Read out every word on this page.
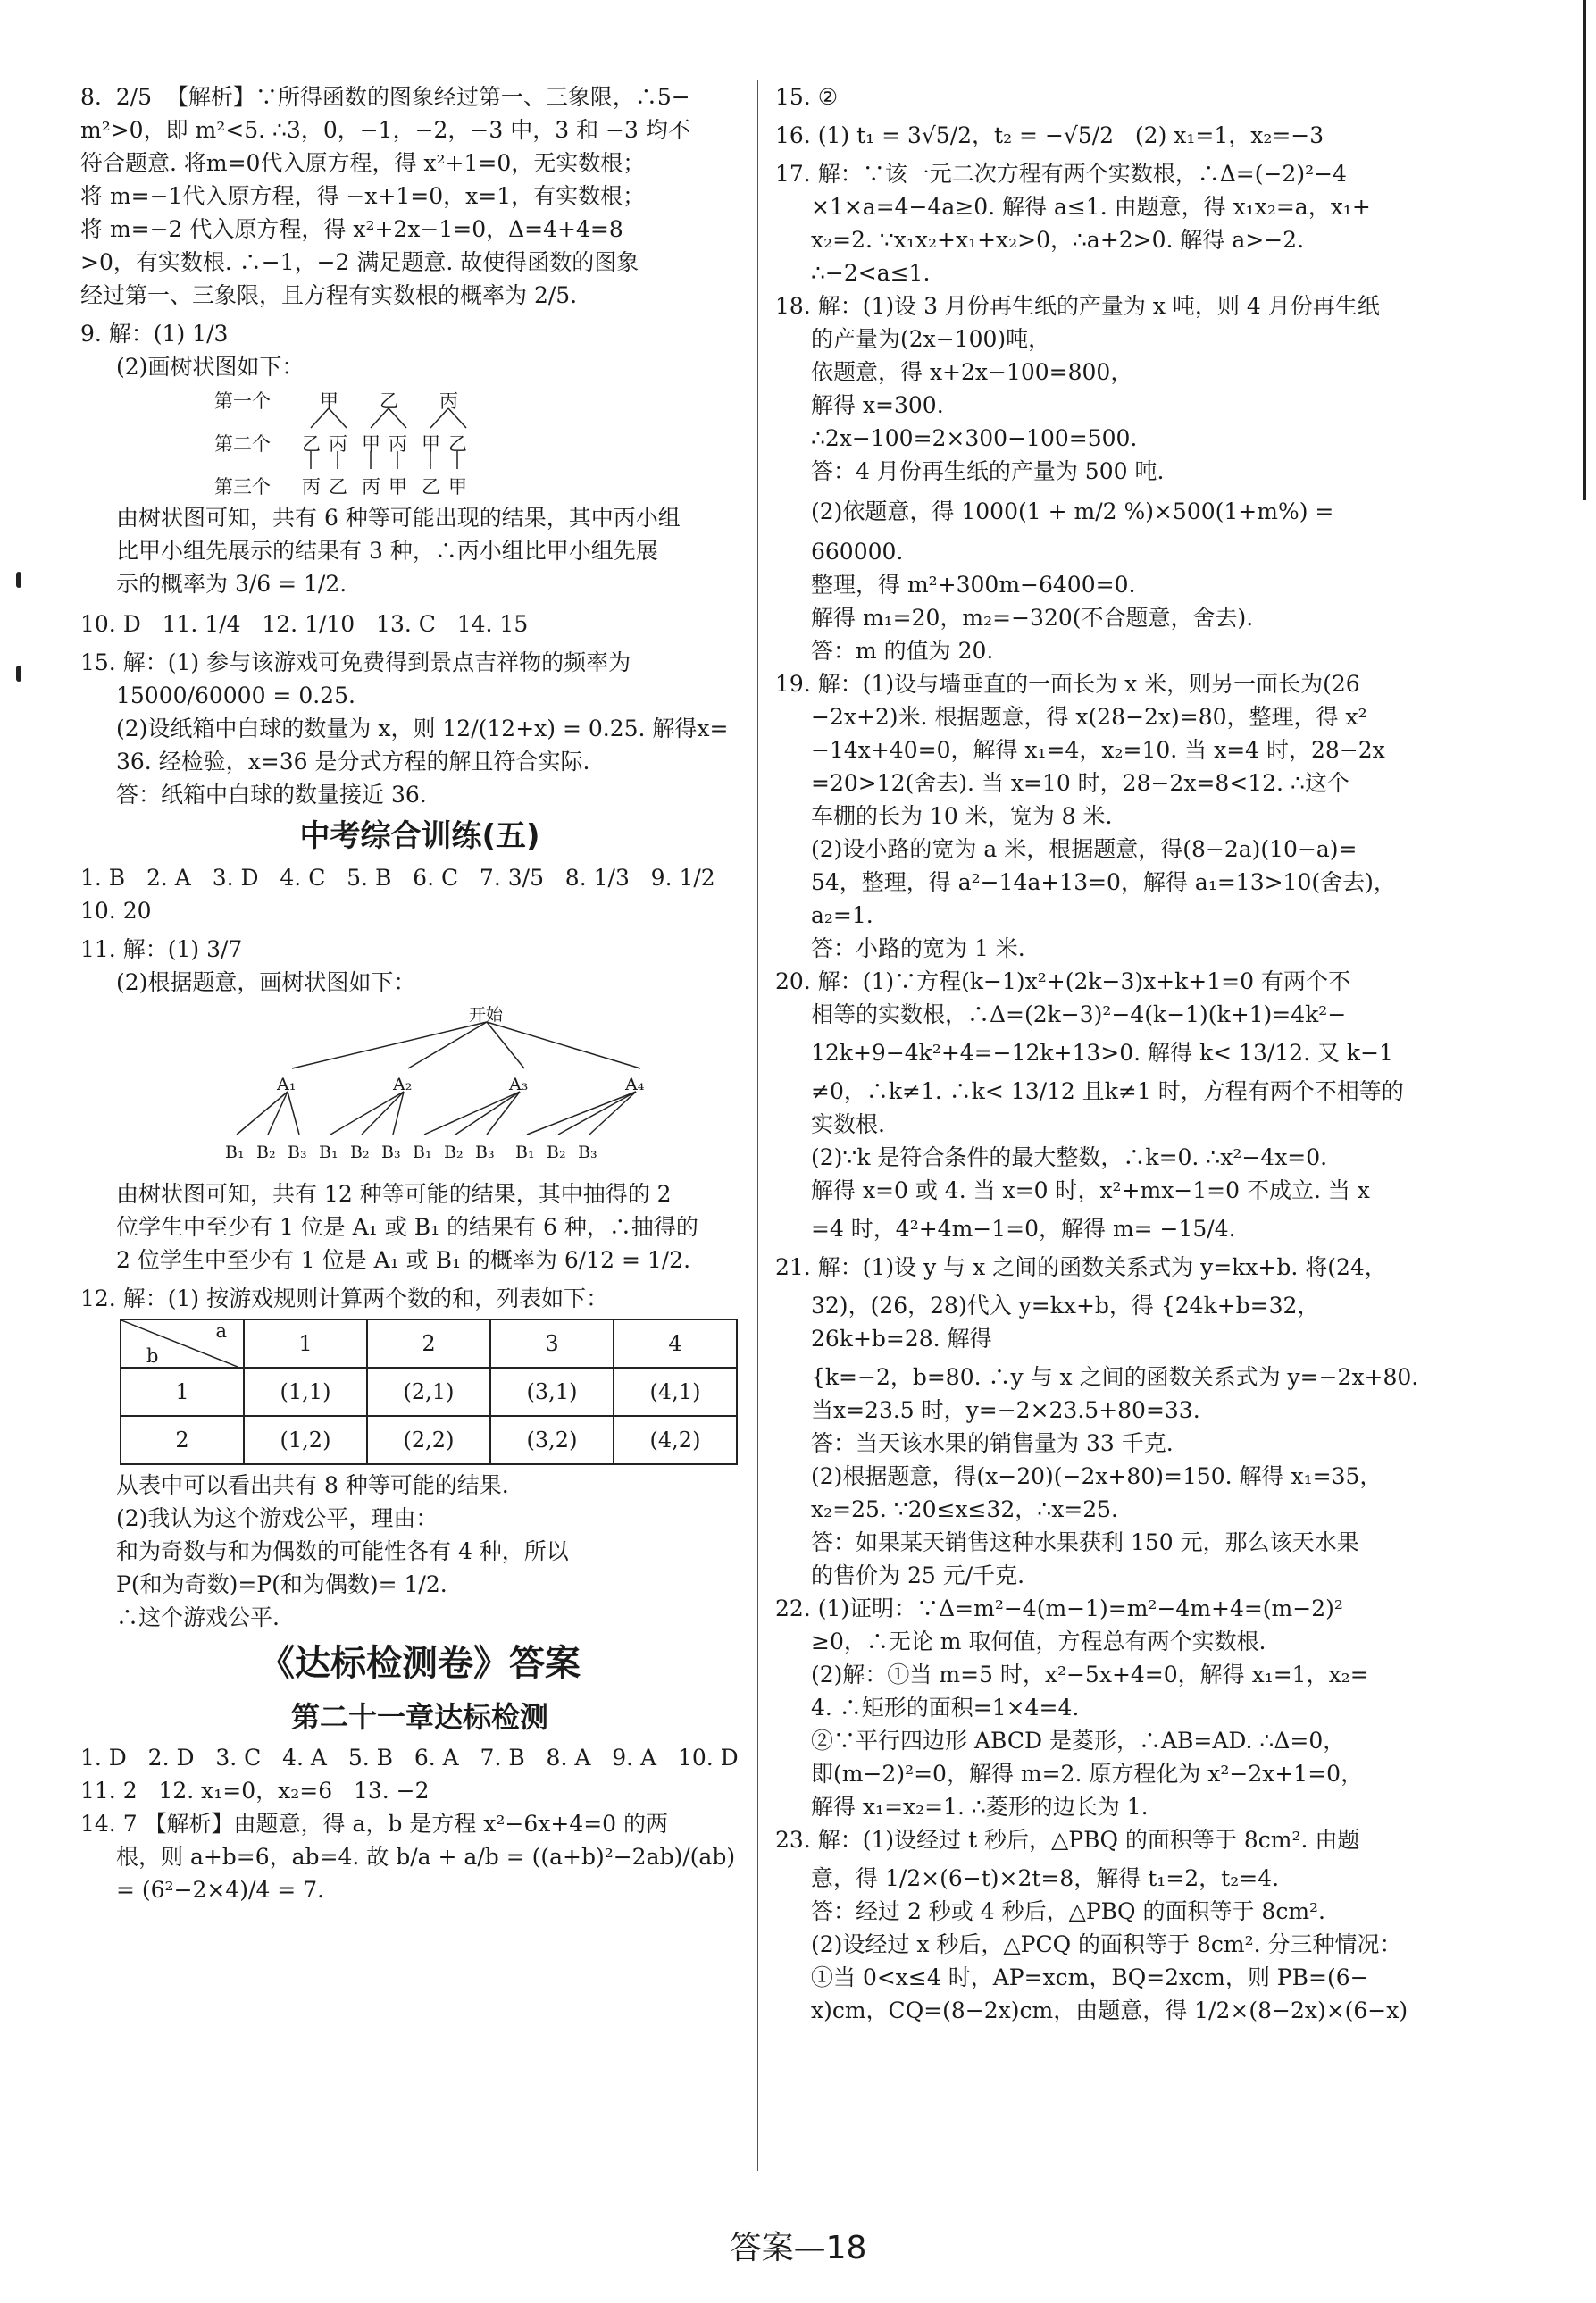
8.  2/5  【解析】∵所得函数的图象经过第一、三象限，∴5−

m²>0，即 m²<5. ∴3，0，−1，−2，−3 中，3 和 −3 均不

符合题意. 将m=0代入原方程，得 x²+1=0，无实数根；

将 m=−1代入原方程，得 −x+1=0，x=1，有实数根；

将 m=−2 代入原方程，得 x²+2x−1=0，Δ=4+4=8

>0，有实数根. ∴−1，−2 满足题意. 故使得函数的图象

经过第一、三象限，且方程有实数根的概率为 2/5.

9. 解：(1) 1/3

(2)画树状图如下：

第一个
第二个
第三个
甲 乙 丙
乙 丙 甲 丙 甲 乙
丙 乙 丙 甲 乙 甲

由树状图可知，共有 6 种等可能出现的结果，其中丙小组

比甲小组先展示的结果有 3 种，∴丙小组比甲小组先展

示的概率为 3/6 = 1/2.

10. D   11. 1/4   12. 1/10   13. C   14. 15

15. 解：(1) 参与该游戏可免费得到景点吉祥物的频率为

15000/60000 = 0.25.

(2)设纸箱中白球的数量为 x，则 12/(12+x) = 0.25. 解得x=

36. 经检验，x=36 是分式方程的解且符合实际.

答：纸箱中白球的数量接近 36.

中考综合训练(五)

1. B   2. A   3. D   4. C   5. B   6. C   7. 3/5   8. 1/3   9. 1/2

10. 20

11. 解：(1) 3/7

(2)根据题意，画树状图如下：

开始
A₁	A₂	A₃	A₄
B₁ B₂ B₃ B₁ B₂ B₃ B₁ B₂ B₃ B₁ B₂ B₃

由树状图可知，共有 12 种等可能的结果，其中抽得的 2

位学生中至少有 1 位是 A₁ 或 B₁ 的结果有 6 种，∴抽得的

2 位学生中至少有 1 位是 A₁ 或 B₁ 的概率为 6/12 = 1/2.

12. 解：(1) 按游戏规则计算两个数的和，列表如下：

a
b	1	2	3	4
1	(1,1)	(2,1)	(3,1)	(4,1)
2	(1,2)	(2,2)	(3,2)	(4,2)

从表中可以看出共有 8 种等可能的结果.

(2)我认为这个游戏公平，理由：

和为奇数与和为偶数的可能性各有 4 种，所以

P(和为奇数)=P(和为偶数)= 1/2.

∴这个游戏公平.

《达标检测卷》答案
第二十一章达标检测

1. D   2. D   3. C   4. A   5. B   6. A   7. B   8. A   9. A   10. D

11. 2   12. x₁=0，x₂=6   13. −2

14. 7 【解析】由题意，得 a，b 是方程 x²−6x+4=0 的两

根，则 a+b=6，ab=4. 故 b/a + a/b = ((a+b)²−2ab)/(ab)

= (6²−2×4)/4 = 7.

15. ②

16. (1) t₁ = 3√5/2，t₂ = −√5/2   (2) x₁=1，x₂=−3

17. 解：∵该一元二次方程有两个实数根，∴Δ=(−2)²−4

×1×a=4−4a≥0. 解得 a≤1. 由题意，得 x₁x₂=a，x₁+

x₂=2. ∵x₁x₂+x₁+x₂>0，∴a+2>0. 解得 a>−2.

∴−2<a≤1.

18. 解：(1)设 3 月份再生纸的产量为 x 吨，则 4 月份再生纸

的产量为(2x−100)吨，

依题意，得 x+2x−100=800，

解得 x=300.

∴2x−100=2×300−100=500.

答：4 月份再生纸的产量为 500 吨.

(2)依题意，得 1000(1 + m/2 %)×500(1+m%) =

660000.

整理，得 m²+300m−6400=0.

解得 m₁=20，m₂=−320(不合题意，舍去).

答：m 的值为 20.

19. 解：(1)设与墙垂直的一面长为 x 米，则另一面长为(26

−2x+2)米. 根据题意，得 x(28−2x)=80，整理，得 x²

−14x+40=0，解得 x₁=4，x₂=10. 当 x=4 时，28−2x

=20>12(舍去). 当 x=10 时，28−2x=8<12. ∴这个

车棚的长为 10 米，宽为 8 米.

(2)设小路的宽为 a 米，根据题意，得(8−2a)(10−a)=

54，整理，得 a²−14a+13=0，解得 a₁=13>10(舍去)，

a₂=1.

答：小路的宽为 1 米.

20. 解：(1)∵方程(k−1)x²+(2k−3)x+k+1=0 有两个不

相等的实数根，∴Δ=(2k−3)²−4(k−1)(k+1)=4k²−

12k+9−4k²+4=−12k+13>0. 解得 k< 13/12. 又 k−1

≠0，∴k≠1. ∴k< 13/12 且k≠1 时，方程有两个不相等的

实数根.

(2)∵k 是符合条件的最大整数，∴k=0. ∴x²−4x=0.

解得 x=0 或 4. 当 x=0 时，x²+mx−1=0 不成立. 当 x

=4 时，4²+4m−1=0，解得 m= −15/4.

21. 解：(1)设 y 与 x 之间的函数关系式为 y=kx+b. 将(24，

32)，(26，28)代入 y=kx+b，得 {24k+b=32，26k+b=28. 解得

{k=−2，b=80. ∴y 与 x 之间的函数关系式为 y=−2x+80.

当x=23.5 时，y=−2×23.5+80=33.

答：当天该水果的销售量为 33 千克.

(2)根据题意，得(x−20)(−2x+80)=150. 解得 x₁=35，

x₂=25. ∵20≤x≤32，∴x=25.

答：如果某天销售这种水果获利 150 元，那么该天水果

的售价为 25 元/千克.

22. (1)证明：∵Δ=m²−4(m−1)=m²−4m+4=(m−2)²

≥0，∴无论 m 取何值，方程总有两个实数根.

(2)解：①当 m=5 时，x²−5x+4=0，解得 x₁=1，x₂=

4. ∴矩形的面积=1×4=4.

②∵平行四边形 ABCD 是菱形，∴AB=AD. ∴Δ=0，

即(m−2)²=0，解得 m=2. 原方程化为 x²−2x+1=0，

解得 x₁=x₂=1. ∴菱形的边长为 1.

23. 解：(1)设经过 t 秒后，△PBQ 的面积等于 8cm². 由题

意，得 1/2×(6−t)×2t=8，解得 t₁=2，t₂=4.

答：经过 2 秒或 4 秒后，△PBQ 的面积等于 8cm².

(2)设经过 x 秒后，△PCQ 的面积等于 8cm². 分三种情况：

①当 0<x≤4 时，AP=xcm，BQ=2xcm，则 PB=(6−

x)cm，CQ=(8−2x)cm，由题意，得 1/2×(8−2x)×(6−x)

答案—18
